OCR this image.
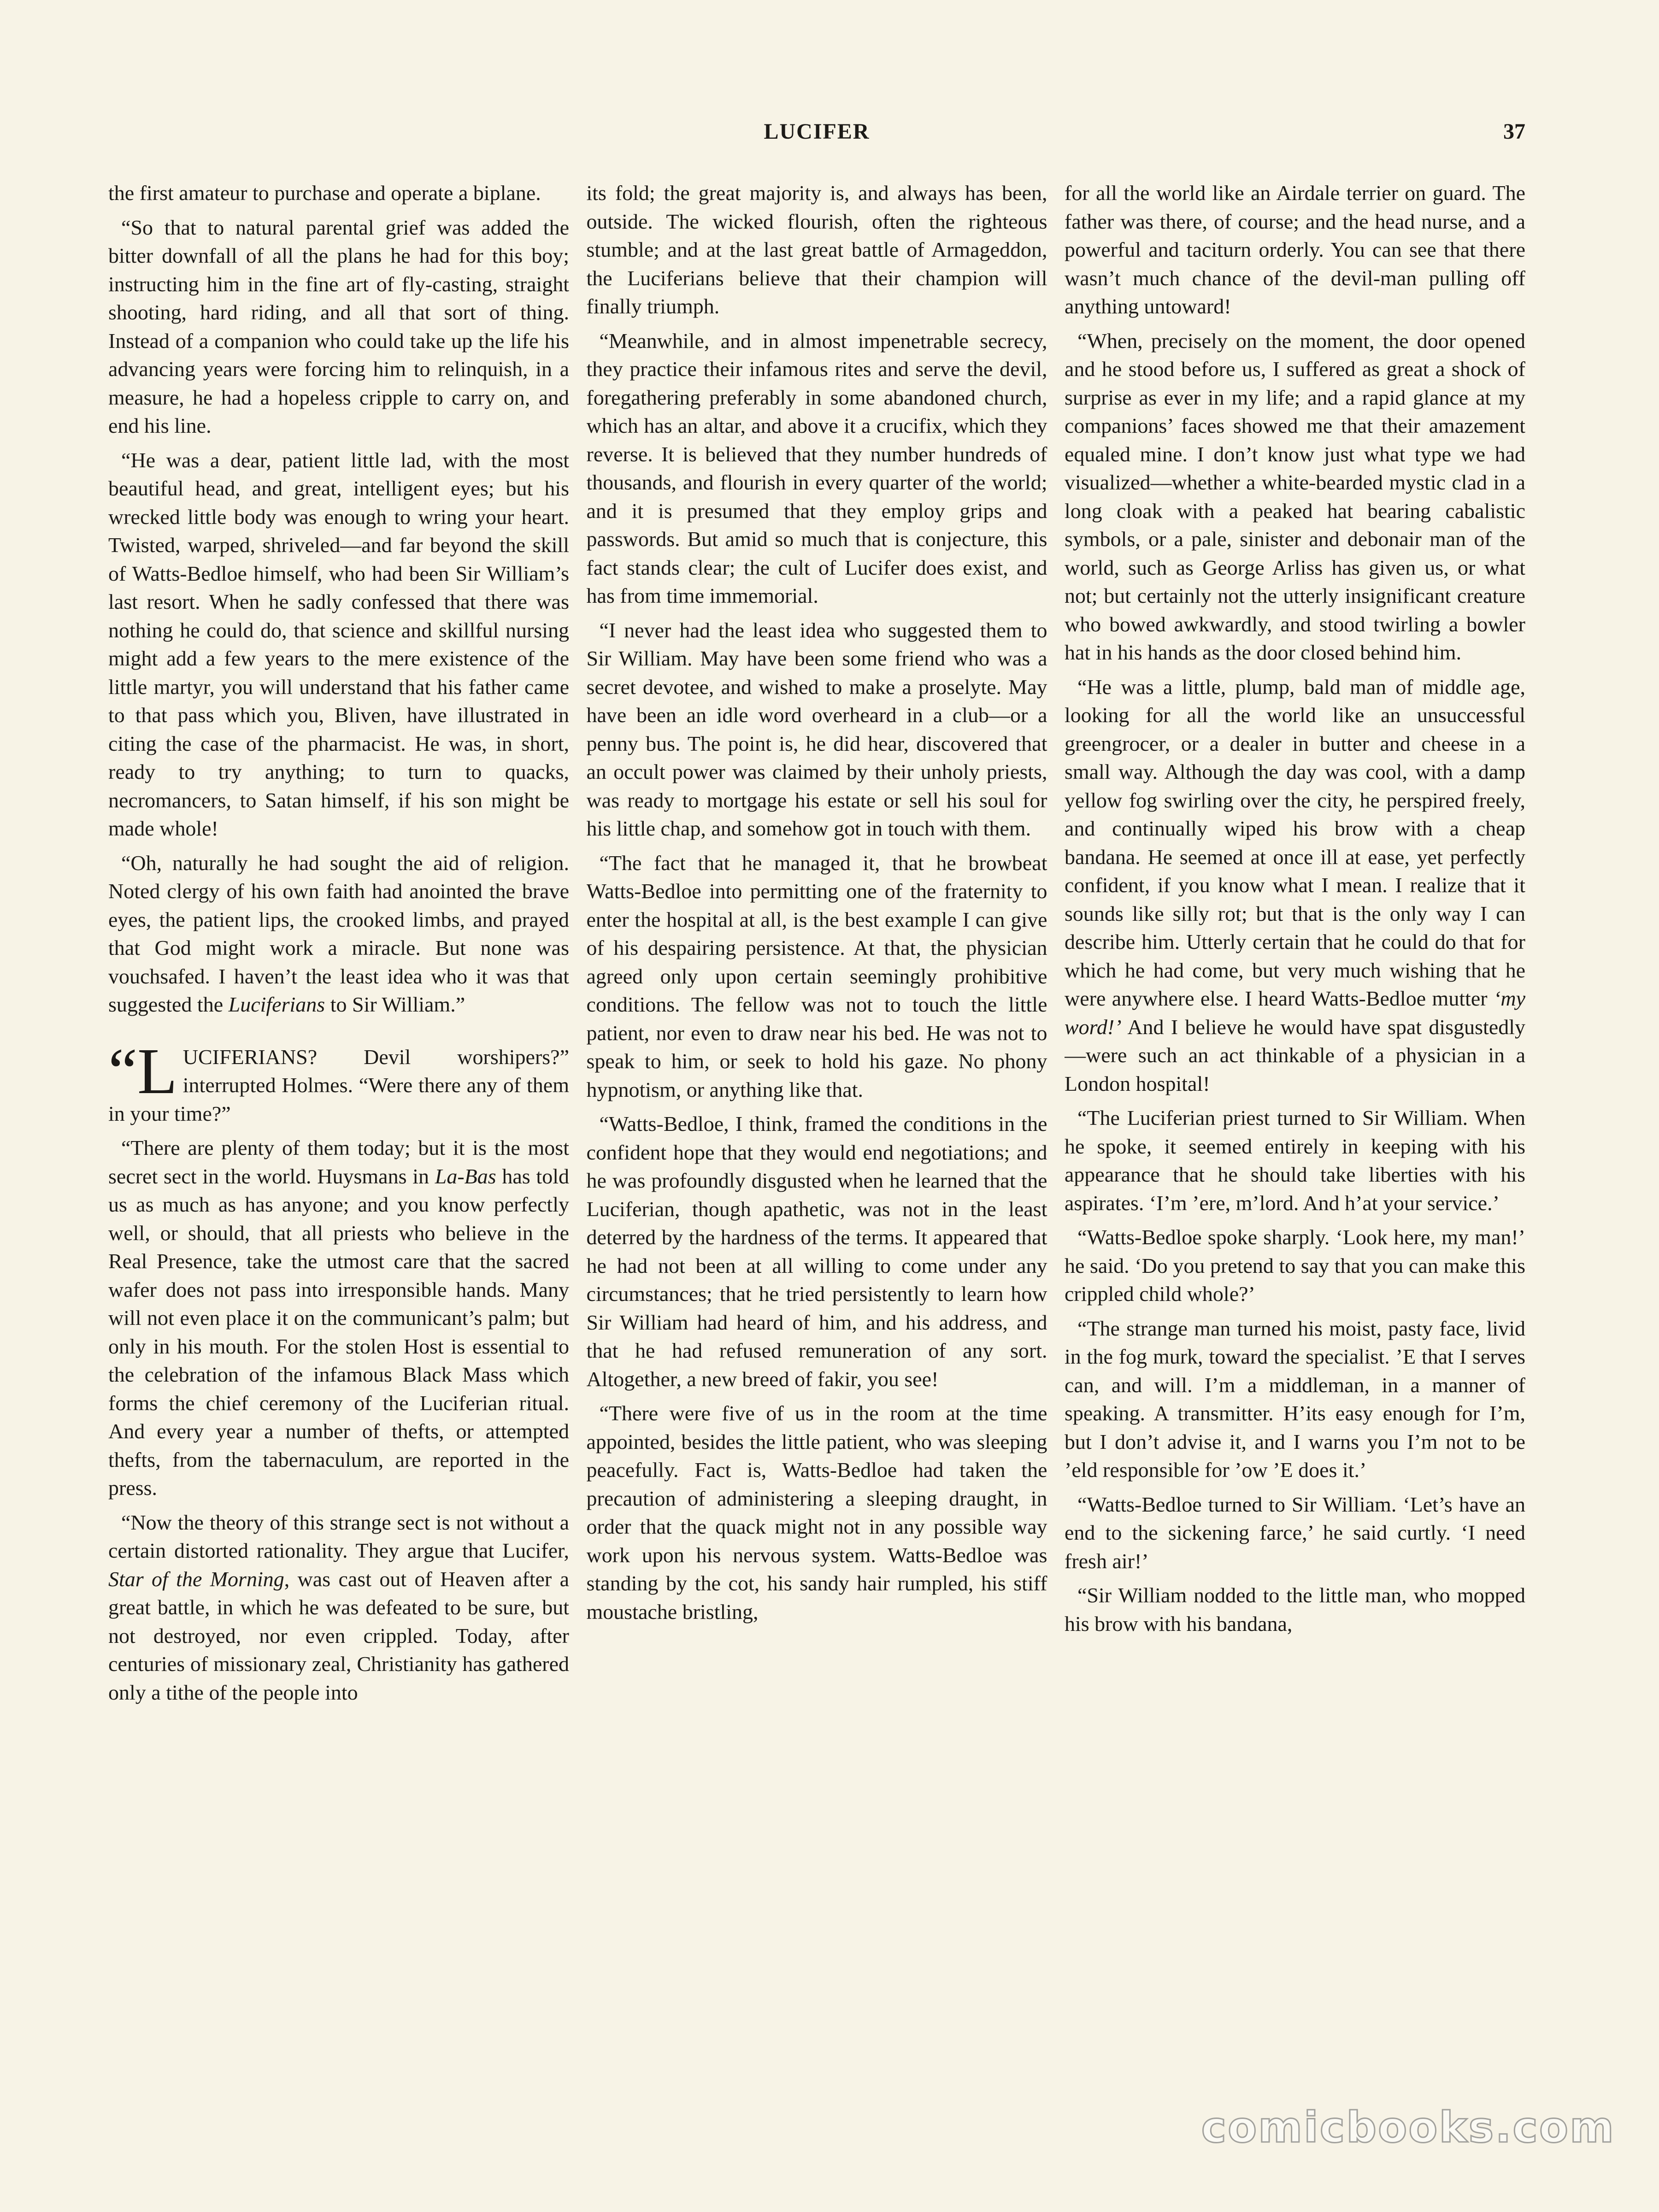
LUCIFER	37

the first amateur to purchase and operate a biplane.

“So that to natural parental grief was added the bitter downfall of all the plans he had for this boy; instructing him in the fine art of fly-casting, straight shooting, hard riding, and all that sort of thing. Instead of a companion who could take up the life his advancing years were forcing him to relinquish, in a measure, he had a hopeless cripple to carry on, and end his line.

“He was a dear, patient little lad, with the most beautiful head, and great, intelligent eyes; but his wrecked little body was enough to wring your heart. Twisted, warped, shriveled—and far beyond the skill of Watts-Bedloe himself, who had been Sir William’s last resort. When he sadly confessed that there was nothing he could do, that science and skillful nursing might add a few years to the mere existence of the little martyr, you will understand that his father came to that pass which you, Bliven, have illustrated in citing the case of the pharmacist. He was, in short, ready to try anything; to turn to quacks, necromancers, to Satan himself, if his son might be made whole!

“Oh, naturally he had sought the aid of religion. Noted clergy of his own faith had anointed the brave eyes, the patient lips, the crooked limbs, and prayed that God might work a miracle. But none was vouchsafed. I haven’t the least idea who it was that suggested the Luciferians to Sir William.”

“L UCIFERIANS? Devil worshipers?” interrupted Holmes. “Were there any of them in your time?”

“There are plenty of them today; but it is the most secret sect in the world. Huysmans in La-Bas has told us as much as has anyone; and you know perfectly well, or should, that all priests who believe in the Real Presence, take the utmost care that the sacred wafer does not pass into irresponsible hands. Many will not even place it on the communicant’s palm; but only in his mouth. For the stolen Host is essential to the celebration of the infamous Black Mass which forms the chief ceremony of the Luciferian ritual. And every year a number of thefts, or attempted thefts, from the tabernaculum, are reported in the press.

“Now the theory of this strange sect is not without a certain distorted rationality. They argue that Lucifer, Star of the Morning, was cast out of Heaven after a great battle, in which he was defeated to be sure, but not destroyed, nor even crippled. Today, after centuries of missionary zeal, Christianity has gathered only a tithe of the people into

its fold; the great majority is, and always has been, outside. The wicked flourish, often the righteous stumble; and at the last great battle of Armageddon, the Luciferians believe that their champion will finally triumph.

“Meanwhile, and in almost impenetrable secrecy, they practice their infamous rites and serve the devil, foregathering preferably in some abandoned church, which has an altar, and above it a crucifix, which they reverse. It is believed that they number hundreds of thousands, and flourish in every quarter of the world; and it is presumed that they employ grips and passwords. But amid so much that is conjecture, this fact stands clear; the cult of Lucifer does exist, and has from time immemorial.

“I never had the least idea who suggested them to Sir William. May have been some friend who was a secret devotee, and wished to make a proselyte. May have been an idle word overheard in a club—or a penny bus. The point is, he did hear, discovered that an occult power was claimed by their unholy priests, was ready to mortgage his estate or sell his soul for his little chap, and somehow got in touch with them.

“The fact that he managed it, that he browbeat Watts-Bedloe into permitting one of the fraternity to enter the hospital at all, is the best example I can give of his despairing persistence. At that, the physician agreed only upon certain seemingly prohibitive conditions. The fellow was not to touch the little patient, nor even to draw near his bed. He was not to speak to him, or seek to hold his gaze. No phony hypnotism, or anything like that.

“Watts-Bedloe, I think, framed the conditions in the confident hope that they would end negotiations; and he was profoundly disgusted when he learned that the Luciferian, though apathetic, was not in the least deterred by the hardness of the terms. It appeared that he had not been at all willing to come under any circumstances; that he tried persistently to learn how Sir William had heard of him, and his address, and that he had refused remuneration of any sort. Altogether, a new breed of fakir, you see!

“There were five of us in the room at the time appointed, besides the little patient, who was sleeping peacefully. Fact is, Watts-Bedloe had taken the precaution of administering a sleeping draught, in order that the quack might not in any possible way work upon his nervous system. Watts-Bedloe was standing by the cot, his sandy hair rumpled, his stiff moustache bristling,

for all the world like an Airdale terrier on guard. The father was there, of course; and the head nurse, and a powerful and taciturn orderly. You can see that there wasn’t much chance of the devil-man pulling off anything untoward!

“When, precisely on the moment, the door opened and he stood before us, I suffered as great a shock of surprise as ever in my life; and a rapid glance at my companions’ faces showed me that their amazement equaled mine. I don’t know just what type we had visualized—whether a white-bearded mystic clad in a long cloak with a peaked hat bearing cabalistic symbols, or a pale, sinister and debonair man of the world, such as George Arliss has given us, or what not; but certainly not the utterly insignificant creature who bowed awkwardly, and stood twirling a bowler hat in his hands as the door closed behind him.

“He was a little, plump, bald man of middle age, looking for all the world like an unsuccessful greengrocer, or a dealer in butter and cheese in a small way. Although the day was cool, with a damp yellow fog swirling over the city, he perspired freely, and continually wiped his brow with a cheap bandana. He seemed at once ill at ease, yet perfectly confident, if you know what I mean. I realize that it sounds like silly rot; but that is the only way I can describe him. Utterly certain that he could do that for which he had come, but very much wishing that he were anywhere else. I heard Watts-Bedloe mutter ‘my word!’ And I believe he would have spat disgustedly—were such an act thinkable of a physician in a London hospital!

“The Luciferian priest turned to Sir William. When he spoke, it seemed entirely in keeping with his appearance that he should take liberties with his aspirates. ‘I’m ’ere, m’lord. And h’at your service.’

“Watts-Bedloe spoke sharply. ‘Look here, my man!’ he said. ‘Do you pretend to say that you can make this crippled child whole?’

“The strange man turned his moist, pasty face, livid in the fog murk, toward the specialist. ’E that I serves can, and will. I’m a middleman, in a manner of speaking. A transmitter. H’its easy enough for I’m, but I don’t advise it, and I warns you I’m not to be ’eld responsible for ’ow ’E does it.’

“Watts-Bedloe turned to Sir William. ‘Let’s have an end to the sickening farce,’ he said curtly. ‘I need fresh air!’

“Sir William nodded to the little man, who mopped his brow with his bandana,

comicbooks.com
